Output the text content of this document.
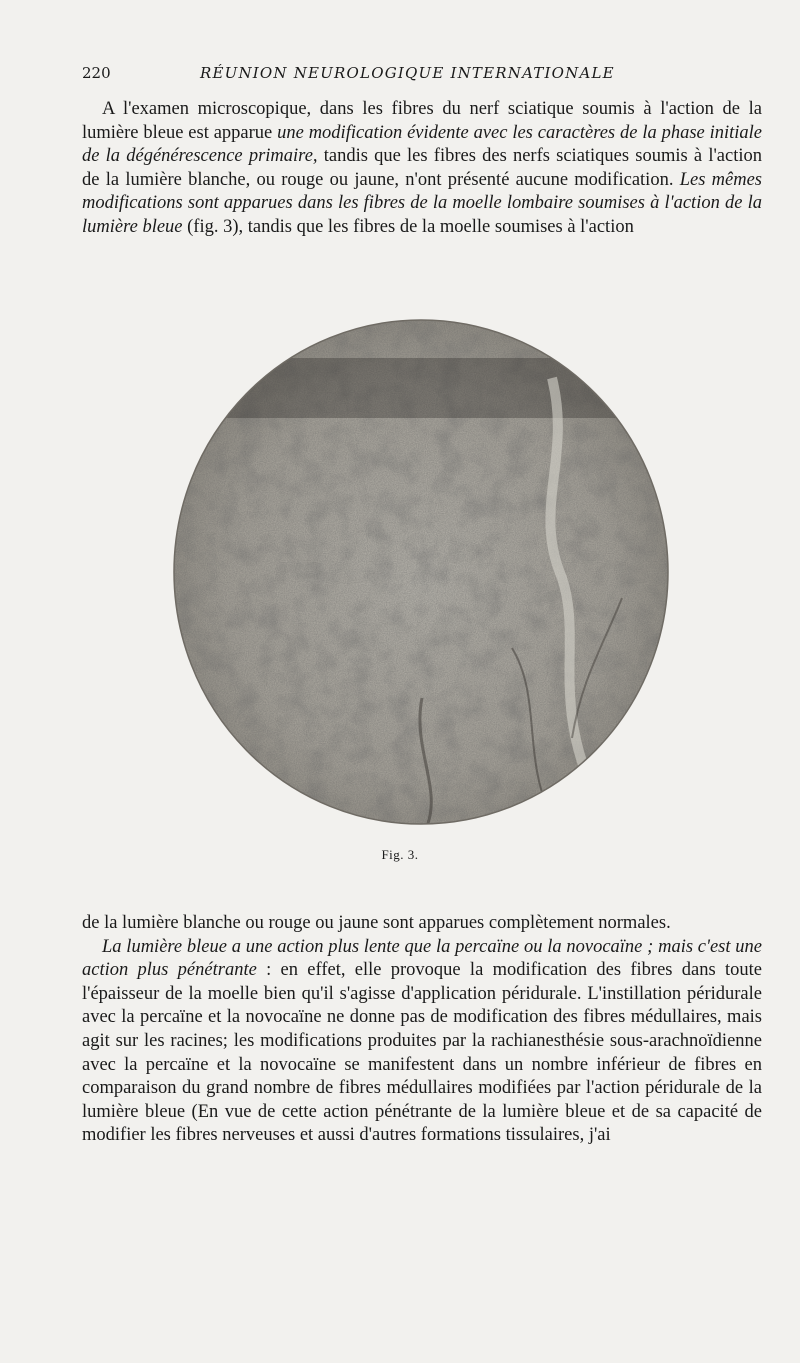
220	RÉUNION NEUROLOGIQUE INTERNATIONALE

A l'examen microscopique, dans les fibres du nerf sciatique soumis à l'action de la lumière bleue est apparue une modification évidente avec les caractères de la phase initiale de la dégénérescence primaire, tandis que les fibres des nerfs sciatiques soumis à l'action de la lumière blanche, ou rouge ou jaune, n'ont présenté aucune modification. Les mêmes modifications sont apparues dans les fibres de la moelle lombaire soumises à l'action de la lumière bleue (fig. 3), tandis que les fibres de la moelle soumises à l'action

Fig. 3.

de la lumière blanche ou rouge ou jaune sont apparues complètement normales.

La lumière bleue a une action plus lente que la percaïne ou la novocaïne ; mais c'est une action plus pénétrante : en effet, elle provoque la modification des fibres dans toute l'épaisseur de la moelle bien qu'il s'agisse d'application péridurale. L'instillation péridurale avec la percaïne et la novocaïne ne donne pas de modification des fibres médullaires, mais agit sur les racines; les modifications produites par la rachianesthésie sous-arachnoïdienne avec la percaïne et la novocaïne se manifestent dans un nombre inférieur de fibres en comparaison du grand nombre de fibres médullaires modifiées par l'action péridurale de la lumière bleue (En vue de cette action pénétrante de la lumière bleue et de sa capacité de modifier les fibres nerveuses et aussi d'autres formations tissulaires, j'ai
